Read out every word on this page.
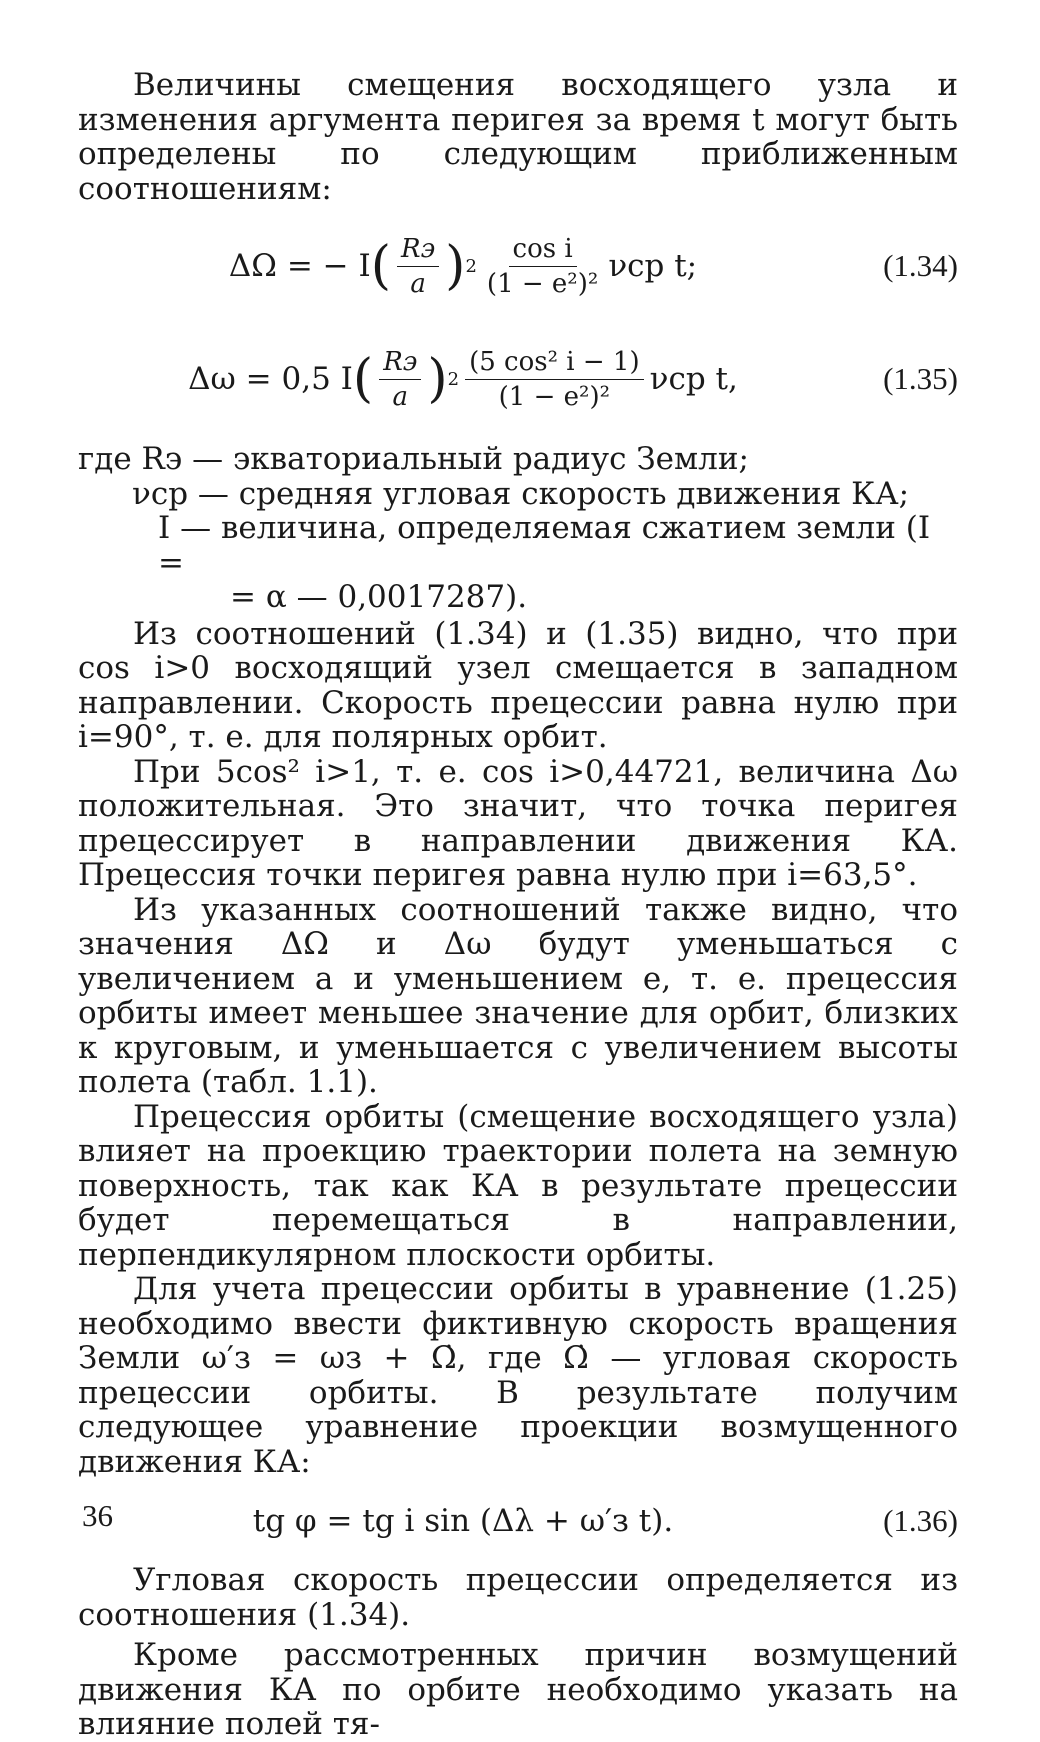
Величины смещения восходящего узла и изменения аргумента перигея за время t могут быть определены по следующим приближенным соотношениям:

ΔΩ = − I ( $\frac{Rэ}{a}$ ) $2 \frac{\text{cos i}}{\text{(1 − e²)²}}$ νср t;	(1.34)
Δω = 0,5 I ( $\frac{Rэ}{a}$ ) $2 \frac{\text{(5 cos² i − 1)}}{\text{(1 − e²)²}}$ νср t,	(1.35)
где Rэ — экваториальный радиус Земли;
νср — средняя угловая скорость движения КА;
I — величина, определяемая сжатием земли (I =
= α — 0,0017287).

Из соотношений (1.34) и (1.35) видно, что при cos i>0 восходящий узел смещается в западном направлении. Скорость прецессии равна нулю при i=90°, т. е. для полярных орбит.

При 5cos² i>1, т. е. cos i>0,44721, величина Δω положительная. Это значит, что точка перигея прецессирует в направлении движения КА. Прецессия точки перигея равна нулю при i=63,5°.

Из указанных соотношений также видно, что значения ΔΩ и Δω будут уменьшаться с увеличением a и уменьшением e, т. е. прецессия орбиты имеет меньшее значение для орбит, близких к круговым, и уменьшается с увеличением высоты полета (табл. 1.1).

Прецессия орбиты (смещение восходящего узла) влияет на проекцию траектории полета на земную поверхность, так как КА в результате прецессии будет перемещаться в направлении, перпендикулярном плоскости орбиты.

Для учета прецессии орбиты в уравнение (1.25) необходимо ввести фиктивную скорость вращения Земли ω′з = ωз + Ω̇, где Ω̇ — угловая скорость прецессии орбиты. В результате получим следующее уравнение проекции возмущенного движения КА:

tg φ = tg i sin (Δλ + ω′з t).	(1.36)

Угловая скорость прецессии определяется из соотношения (1.34).

Кроме рассмотренных причин возмущений движения КА по орбите необходимо указать на влияние полей тя-

36
